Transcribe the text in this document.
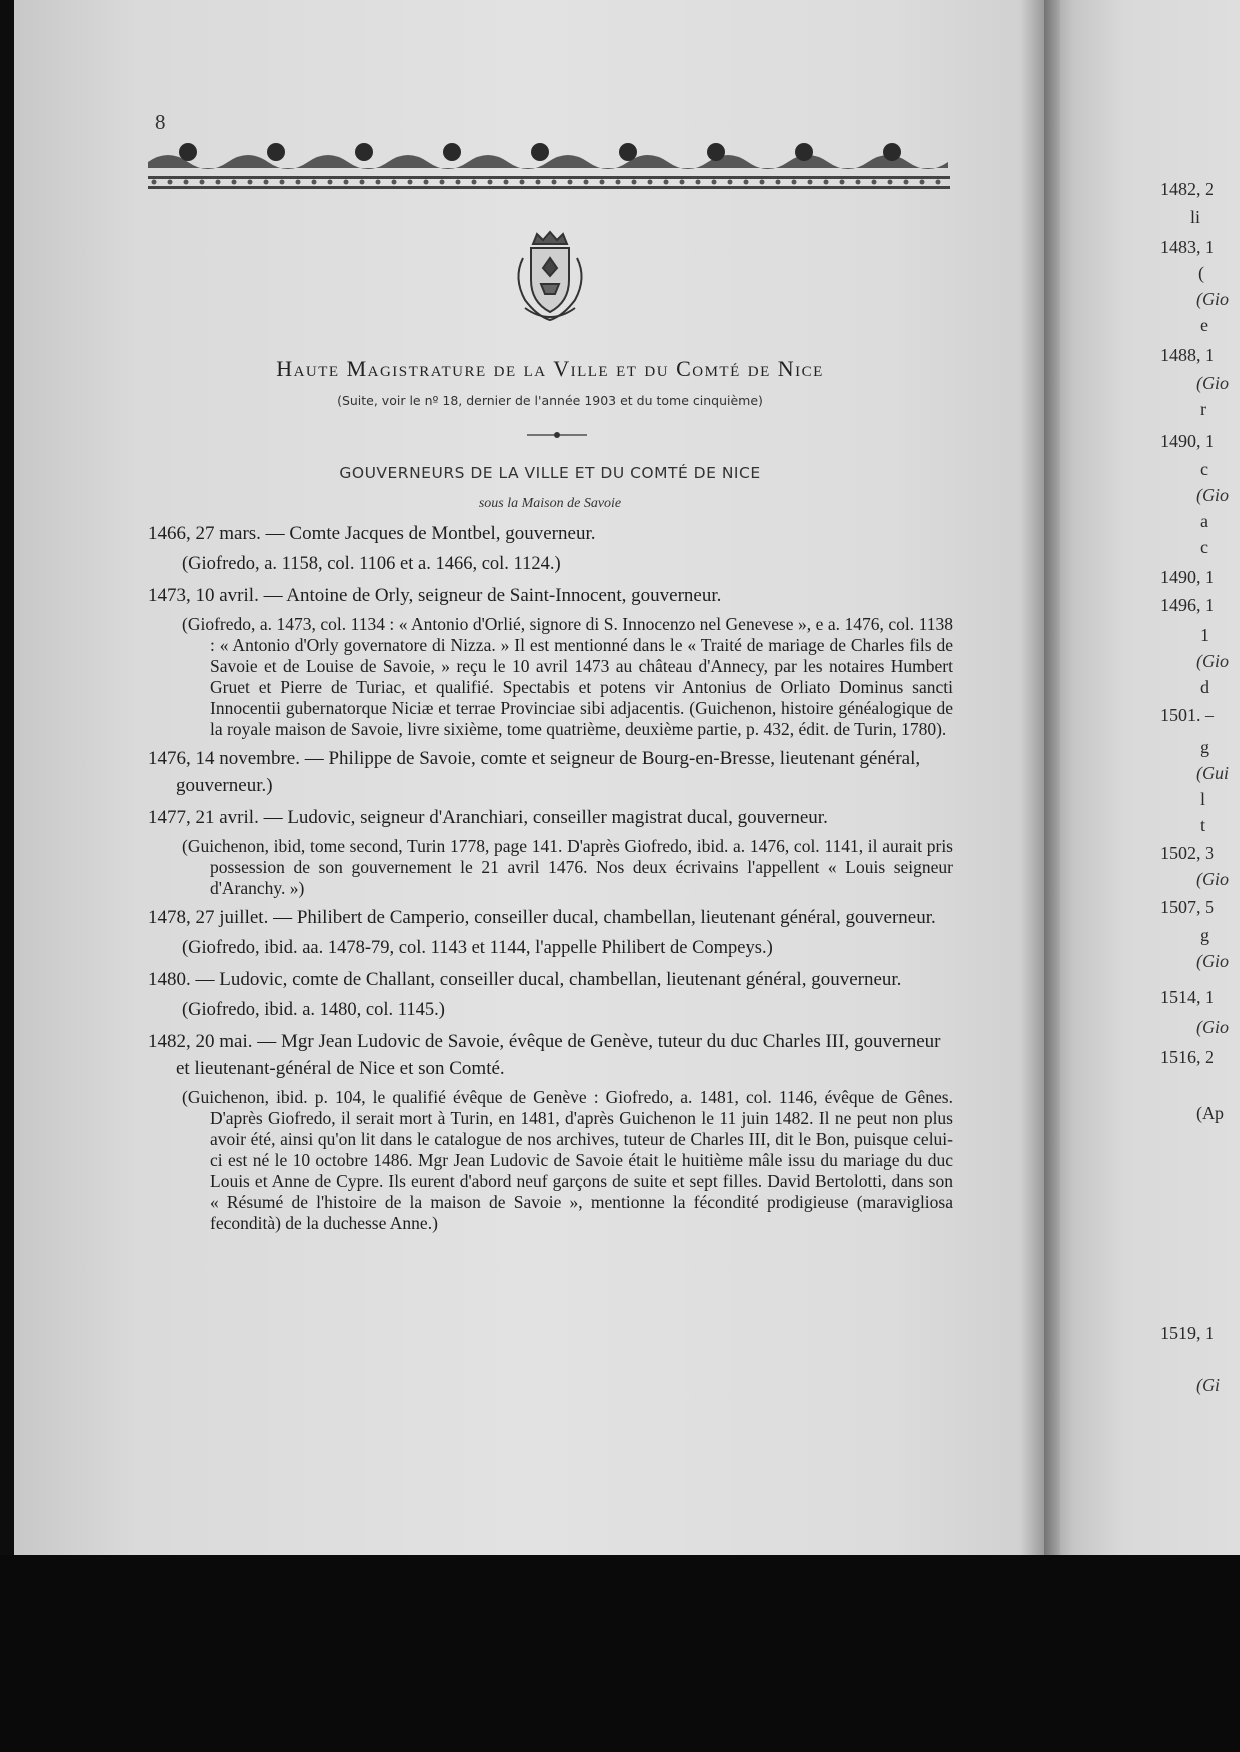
8
Haute Magistrature de la Ville et du Comté de Nice
(Suite, voir le nº 18, dernier de l'année 1903 et du tome cinquième)
GOUVERNEURS DE LA VILLE ET DU COMTÉ DE NICE
sous la Maison de Savoie

1466, 27 mars. — Comte Jacques de Montbel, gouverneur.

(Giofredo, a. 1158, col. 1106 et a. 1466, col. 1124.)

1473, 10 avril. — Antoine de Orly, seigneur de Saint-Innocent, gouverneur.

(Giofredo, a. 1473, col. 1134 : « Antonio d'Orlié, signore di S. Innocenzo nel Genevese », e a. 1476, col. 1138 : « Antonio d'Orly governatore di Nizza. » Il est mentionné dans le « Traité de mariage de Charles fils de Savoie et de Louise de Savoie, » reçu le 10 avril 1473 au château d'Annecy, par les notaires Humbert Gruet et Pierre de Turiac, et qualifié. Spectabis et potens vir Antonius de Orliato Dominus sancti Innocentii gubernatorque Niciæ et terrae Provinciae sibi adjacentis. (Guichenon, histoire généalogique de la royale maison de Savoie, livre sixième, tome quatrième, deuxième partie, p. 432, édit. de Turin, 1780).

1476, 14 novembre. — Philippe de Savoie, comte et seigneur de Bourg-en-Bresse, lieutenant général, gouverneur.)

1477, 21 avril. — Ludovic, seigneur d'Aranchiari, conseiller magistrat ducal, gouverneur.

(Guichenon, ibid, tome second, Turin 1778, page 141. D'après Giofredo, ibid. a. 1476, col. 1141, il aurait pris possession de son gouvernement le 21 avril 1476. Nos deux écrivains l'appellent « Louis seigneur d'Aranchy. »)

1478, 27 juillet. — Philibert de Camperio, conseiller ducal, chambellan, lieutenant général, gouverneur.

(Giofredo, ibid. aa. 1478-79, col. 1143 et 1144, l'appelle Philibert de Compeys.)

1480. — Ludovic, comte de Challant, conseiller ducal, chambellan, lieutenant général, gouverneur.

(Giofredo, ibid. a. 1480, col. 1145.)

1482, 20 mai. — Mgr Jean Ludovic de Savoie, évêque de Genève, tuteur du duc Charles III, gouverneur et lieutenant-général de Nice et son Comté.

(Guichenon, ibid. p. 104, le qualifié évêque de Genève : Giofredo, a. 1481, col. 1146, évêque de Gênes. D'après Giofredo, il serait mort à Turin, en 1481, d'après Guichenon le 11 juin 1482. Il ne peut non plus avoir été, ainsi qu'on lit dans le catalogue de nos archives, tuteur de Charles III, dit le Bon, puisque celui-ci est né le 10 octobre 1486. Mgr Jean Ludovic de Savoie était le huitième mâle issu du mariage du duc Louis et Anne de Cypre. Ils eurent d'abord neuf garçons de suite et sept filles. David Bertolotti, dans son « Résumé de l'histoire de la maison de Savoie », mentionne la fécondité prodigieuse (maravigliosa fecondità) de la duchesse Anne.)

1482, 2
li
1483, 1
(
(Gio
e
1488, 1
(Gio
r
1490, 1
c
(Gio
a
c
1490, 1
1496, 1
1
(Gio
d
1501. –
g
(Gui
l
t
1502, 3
(Gio
1507, 5
g
(Gio
1514, 1
(Gio
1516, 2
(Ap
1519, 1
(Gi
